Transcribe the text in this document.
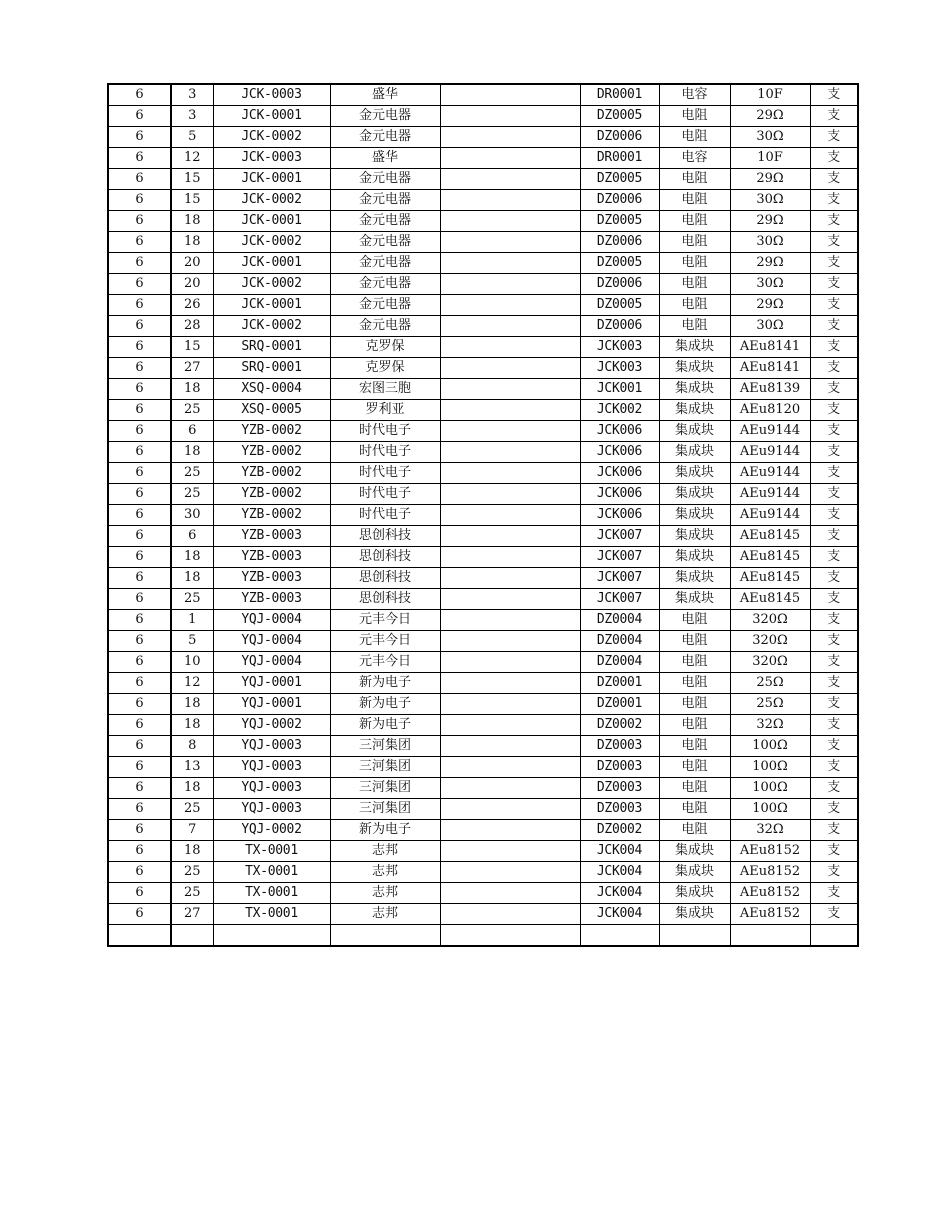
6	3	JCK-0003	盛华		DR0001	电容	10F	支
6	3	JCK-0001	金元电器		DZ0005	电阻	29Ω	支
6	5	JCK-0002	金元电器		DZ0006	电阻	30Ω	支
6	12	JCK-0003	盛华		DR0001	电容	10F	支
6	15	JCK-0001	金元电器		DZ0005	电阻	29Ω	支
6	15	JCK-0002	金元电器		DZ0006	电阻	30Ω	支
6	18	JCK-0001	金元电器		DZ0005	电阻	29Ω	支
6	18	JCK-0002	金元电器		DZ0006	电阻	30Ω	支
6	20	JCK-0001	金元电器		DZ0005	电阻	29Ω	支
6	20	JCK-0002	金元电器		DZ0006	电阻	30Ω	支
6	26	JCK-0001	金元电器		DZ0005	电阻	29Ω	支
6	28	JCK-0002	金元电器		DZ0006	电阻	30Ω	支
6	15	SRQ-0001	克罗保		JCK003	集成块	AEu8141	支
6	27	SRQ-0001	克罗保		JCK003	集成块	AEu8141	支
6	18	XSQ-0004	宏图三胞		JCK001	集成块	AEu8139	支
6	25	XSQ-0005	罗利亚		JCK002	集成块	AEu8120	支
6	6	YZB-0002	时代电子		JCK006	集成块	AEu9144	支
6	18	YZB-0002	时代电子		JCK006	集成块	AEu9144	支
6	25	YZB-0002	时代电子		JCK006	集成块	AEu9144	支
6	25	YZB-0002	时代电子		JCK006	集成块	AEu9144	支
6	30	YZB-0002	时代电子		JCK006	集成块	AEu9144	支
6	6	YZB-0003	思创科技		JCK007	集成块	AEu8145	支
6	18	YZB-0003	思创科技		JCK007	集成块	AEu8145	支
6	18	YZB-0003	思创科技		JCK007	集成块	AEu8145	支
6	25	YZB-0003	思创科技		JCK007	集成块	AEu8145	支
6	1	YQJ-0004	元丰今日		DZ0004	电阻	320Ω	支
6	5	YQJ-0004	元丰今日		DZ0004	电阻	320Ω	支
6	10	YQJ-0004	元丰今日		DZ0004	电阻	320Ω	支
6	12	YQJ-0001	新为电子		DZ0001	电阻	25Ω	支
6	18	YQJ-0001	新为电子		DZ0001	电阻	25Ω	支
6	18	YQJ-0002	新为电子		DZ0002	电阻	32Ω	支
6	8	YQJ-0003	三河集团		DZ0003	电阻	100Ω	支
6	13	YQJ-0003	三河集团		DZ0003	电阻	100Ω	支
6	18	YQJ-0003	三河集团		DZ0003	电阻	100Ω	支
6	25	YQJ-0003	三河集团		DZ0003	电阻	100Ω	支
6	7	YQJ-0002	新为电子		DZ0002	电阻	32Ω	支
6	18	TX-0001	志邦		JCK004	集成块	AEu8152	支
6	25	TX-0001	志邦		JCK004	集成块	AEu8152	支
6	25	TX-0001	志邦		JCK004	集成块	AEu8152	支
6	27	TX-0001	志邦		JCK004	集成块	AEu8152	支
